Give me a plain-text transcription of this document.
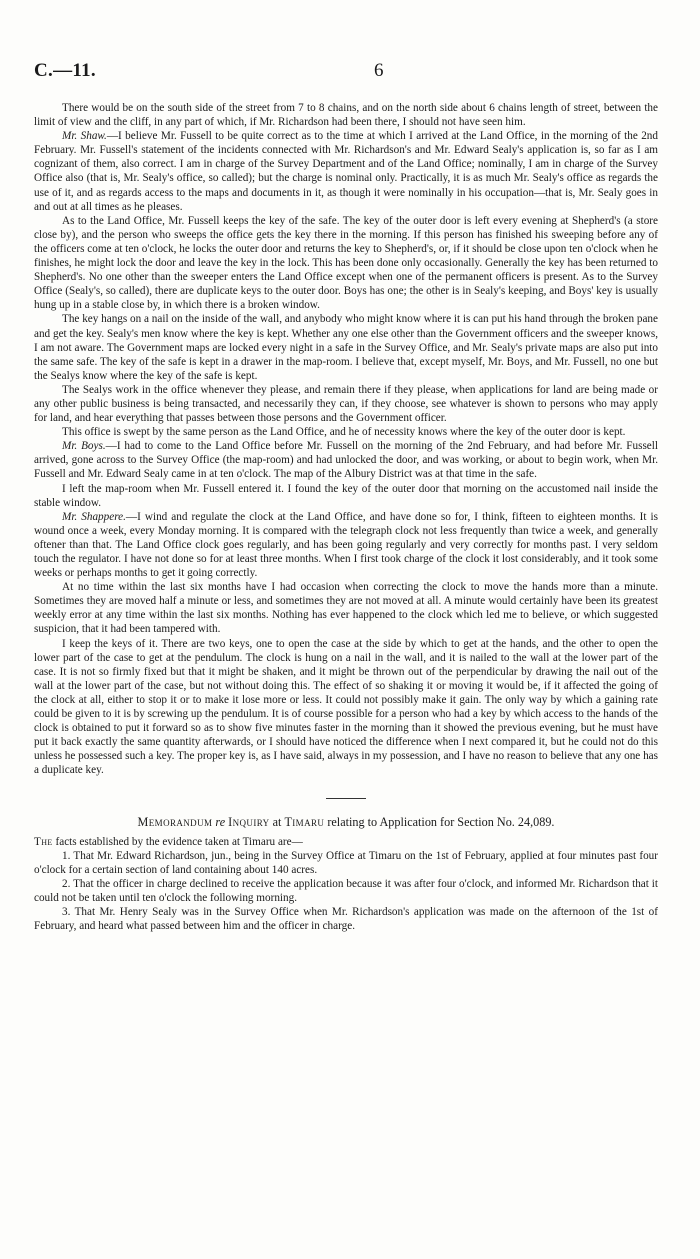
C.—11.	6

There would be on the south side of the street from 7 to 8 chains, and on the north side about 6 chains length of street, between the limit of view and the cliff, in any part of which, if Mr. Richardson had been there, I should not have seen him.

Mr. Shaw.—I believe Mr. Fussell to be quite correct as to the time at which I arrived at the Land Office, in the morning of the 2nd February. Mr. Fussell's statement of the incidents connected with Mr. Richardson's and Mr. Edward Sealy's application is, so far as I am cognizant of them, also correct. I am in charge of the Survey Department and of the Land Office; nominally, I am in charge of the Survey Office also (that is, Mr. Sealy's office, so called); but the charge is nominal only. Practically, it is as much Mr. Sealy's office as regards the use of it, and as regards access to the maps and documents in it, as though it were nominally in his occupation—that is, Mr. Sealy goes in and out at all times as he pleases.

As to the Land Office, Mr. Fussell keeps the key of the safe. The key of the outer door is left every evening at Shepherd's (a store close by), and the person who sweeps the office gets the key there in the morning. If this person has finished his sweeping before any of the officers come at ten o'clock, he locks the outer door and returns the key to Shepherd's, or, if it should be close upon ten o'clock when he finishes, he might lock the door and leave the key in the lock. This has been done only occasionally. Generally the key has been returned to Shepherd's. No one other than the sweeper enters the Land Office except when one of the permanent officers is present. As to the Survey Office (Sealy's, so called), there are duplicate keys to the outer door. Boys has one; the other is in Sealy's keeping, and Boys' key is usually hung up in a stable close by, in which there is a broken window.

The key hangs on a nail on the inside of the wall, and anybody who might know where it is can put his hand through the broken pane and get the key. Sealy's men know where the key is kept. Whether any one else other than the Government officers and the sweeper knows, I am not aware. The Government maps are locked every night in a safe in the Survey Office, and Mr. Sealy's private maps are also put into the same safe. The key of the safe is kept in a drawer in the map-room. I believe that, except myself, Mr. Boys, and Mr. Fussell, no one but the Sealys know where the key of the safe is kept.

The Sealys work in the office whenever they please, and remain there if they please, when applications for land are being made or any other public business is being transacted, and necessarily they can, if they choose, see whatever is shown to persons who may apply for land, and hear everything that passes between those persons and the Government officer.

This office is swept by the same person as the Land Office, and he of necessity knows where the key of the outer door is kept.

Mr. Boys.—I had to come to the Land Office before Mr. Fussell on the morning of the 2nd February, and had before Mr. Fussell arrived, gone across to the Survey Office (the map-room) and had unlocked the door, and was working, or about to begin work, when Mr. Fussell and Mr. Edward Sealy came in at ten o'clock. The map of the Albury District was at that time in the safe.

I left the map-room when Mr. Fussell entered it. I found the key of the outer door that morning on the accustomed nail inside the stable window.

Mr. Shappere.—I wind and regulate the clock at the Land Office, and have done so for, I think, fifteen to eighteen months. It is wound once a week, every Monday morning. It is compared with the telegraph clock not less frequently than twice a week, and generally oftener than that. The Land Office clock goes regularly, and has been going regularly and very correctly for months past. I very seldom touch the regulator. I have not done so for at least three months. When I first took charge of the clock it lost considerably, and it took some weeks or perhaps months to get it going correctly.

At no time within the last six months have I had occasion when correcting the clock to move the hands more than a minute. Sometimes they are moved half a minute or less, and sometimes they are not moved at all. A minute would certainly have been its greatest weekly error at any time within the last six months. Nothing has ever happened to the clock which led me to believe, or which suggested suspicion, that it had been tampered with.

I keep the keys of it. There are two keys, one to open the case at the side by which to get at the hands, and the other to open the lower part of the case to get at the pendulum. The clock is hung on a nail in the wall, and it is nailed to the wall at the lower part of the case. It is not so firmly fixed but that it might be shaken, and it might be thrown out of the perpendicular by drawing the nail out of the wall at the lower part of the case, but not without doing this. The effect of so shaking it or moving it would be, if it affected the going of the clock at all, either to stop it or to make it lose more or less. It could not possibly make it gain. The only way by which a gaining rate could be given to it is by screwing up the pendulum. It is of course possible for a person who had a key by which access to the hands of the clock is obtained to put it forward so as to show five minutes faster in the morning than it showed the previous evening, but he must have put it back exactly the same quantity afterwards, or I should have noticed the difference when I next compared it, but he could not do this unless he possessed such a key. The proper key is, as I have said, always in my possession, and I have no reason to believe that any one has a duplicate key.

Memorandum re Inquiry at Timaru relating to Application for Section No. 24,089.

The facts established by the evidence taken at Timaru are—

1. That Mr. Edward Richardson, jun., being in the Survey Office at Timaru on the 1st of February, applied at four minutes past four o'clock for a certain section of land containing about 140 acres.

2. That the officer in charge declined to receive the application because it was after four o'clock, and informed Mr. Richardson that it could not be taken until ten o'clock the following morning.

3. That Mr. Henry Sealy was in the Survey Office when Mr. Richardson's application was made on the afternoon of the 1st of February, and heard what passed between him and the officer in charge.
